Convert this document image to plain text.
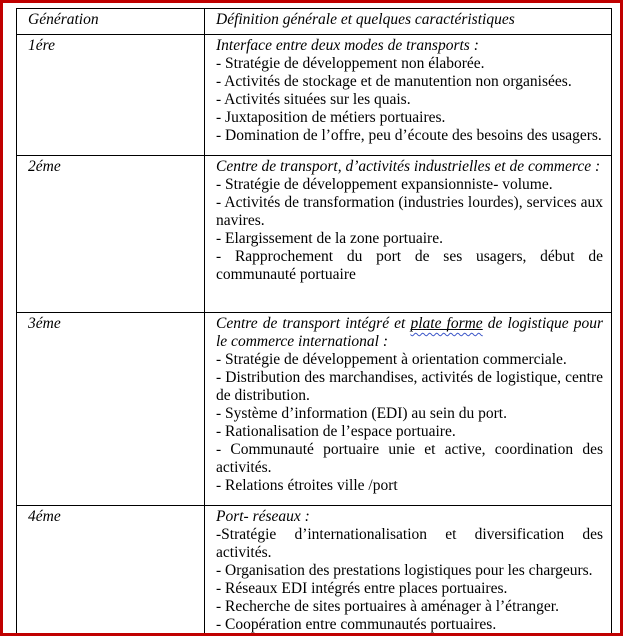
Génération	Définition générale et quelques caractéristiques
1ére	Interface entre deux modes de transports :

- Stratégie de développement non élaborée.

- Activités de stockage et de manutention non organisées.

- Activités situées sur les quais.

- Juxtaposition de métiers portuaires.

- Domination de l’offre, peu d’écoute des besoins des usagers.

2éme	Centre de transport, d’activités industrielles et de commerce :

- Stratégie de développement expansionniste- volume.

- Activités de transformation (industries lourdes), services aux navires.

- Elargissement de la zone portuaire.

- Rapprochement du port de ses usagers, début de communauté portuaire

3éme	Centre de transport intégré et plate forme de logistique pour le commerce international :

- Stratégie de développement à orientation commerciale.

- Distribution des marchandises, activités de logistique, centre de distribution.

- Système d’information (EDI) au sein du port.

- Rationalisation de l’espace portuaire.

- Communauté portuaire unie et active, coordination des activités.

- Relations étroites ville /port

4éme	Port- réseaux :

-Stratégie d’internationalisation et diversification des activités.

- Organisation des prestations logistiques pour les chargeurs.

- Réseaux EDI intégrés entre places portuaires.

- Recherche de sites portuaires à aménager à l’étranger.

- Coopération entre communautés portuaires.
